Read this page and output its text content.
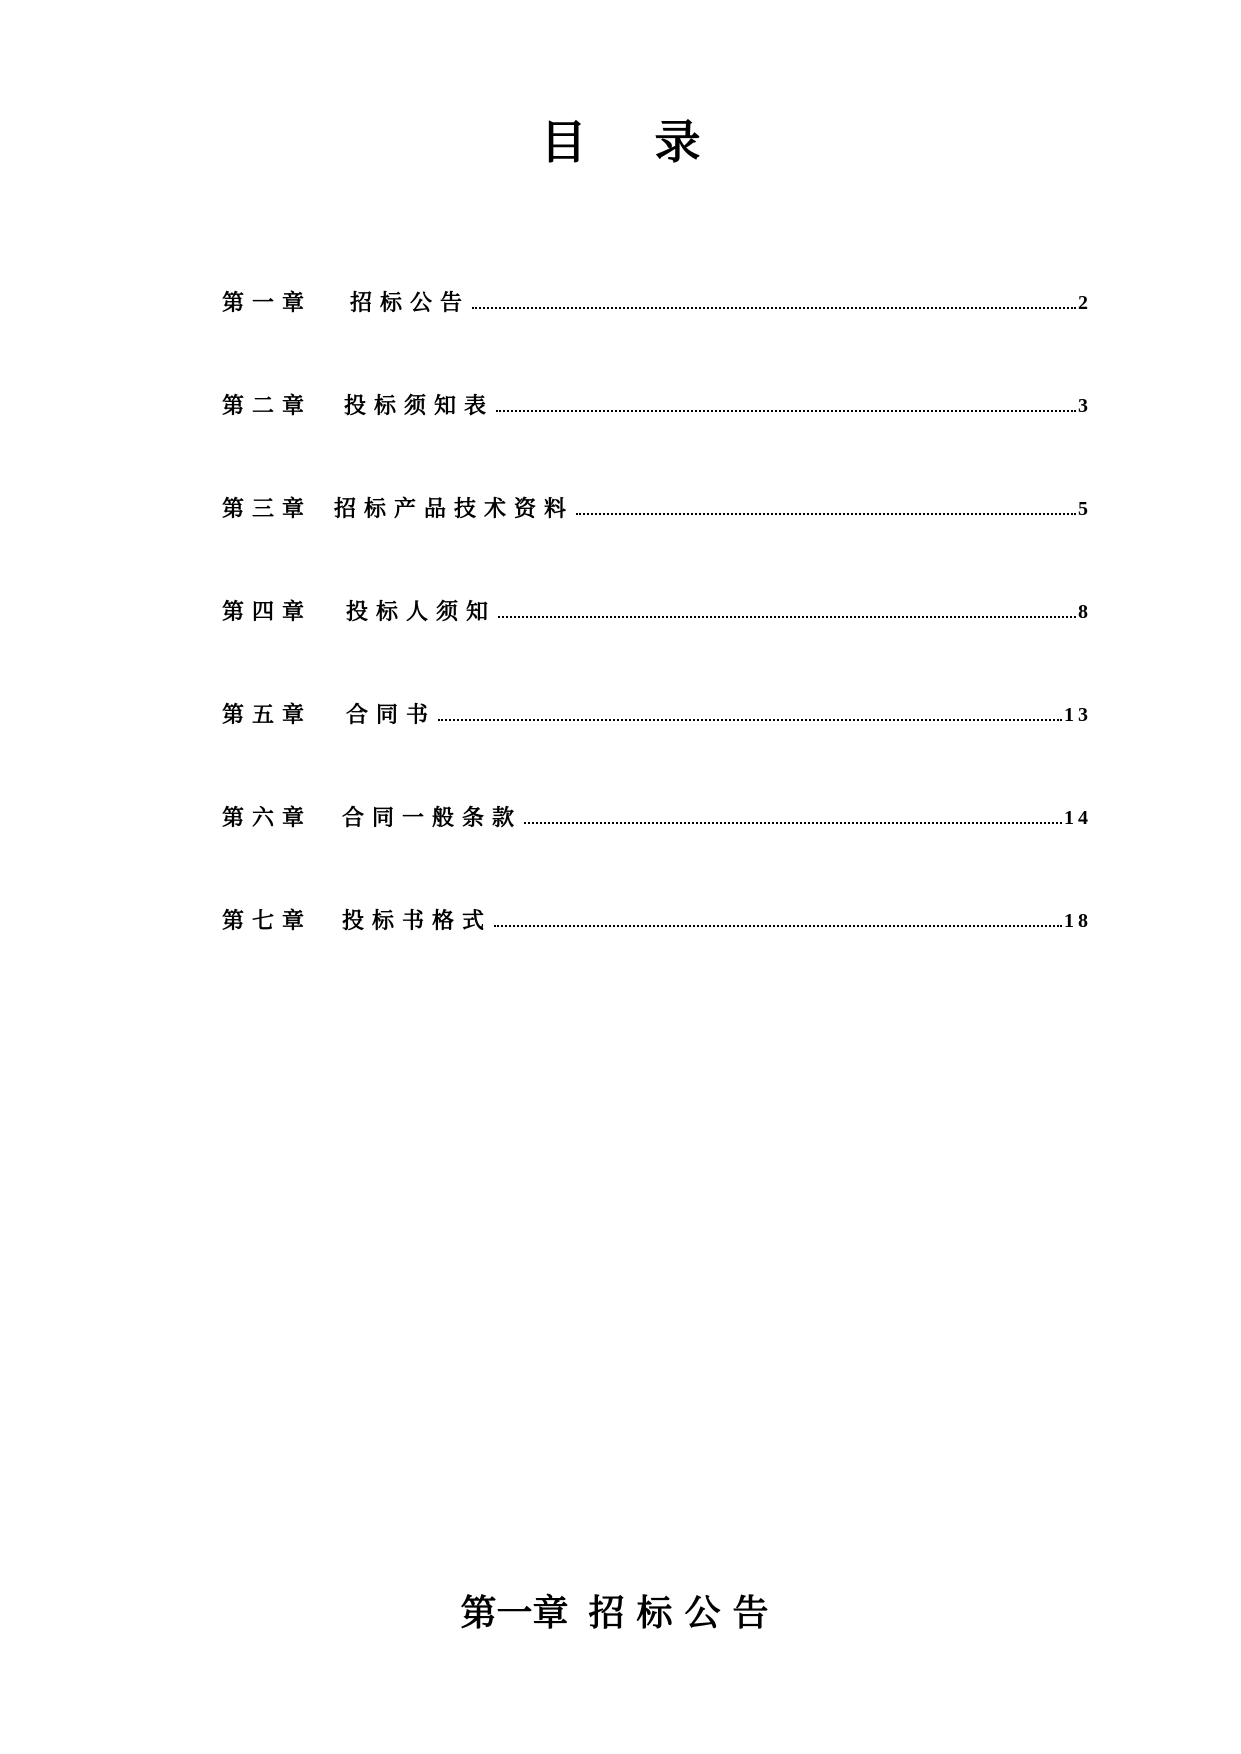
目 录
第一章 招标公告	2
第二章 投标须知表	3
第三章 招标产品技术资料	5
第四章 投标人须知	8
第五章 合同书	13
第六章 合同一般条款	14
第七章 投标书格式	18
第一章 招标公告
